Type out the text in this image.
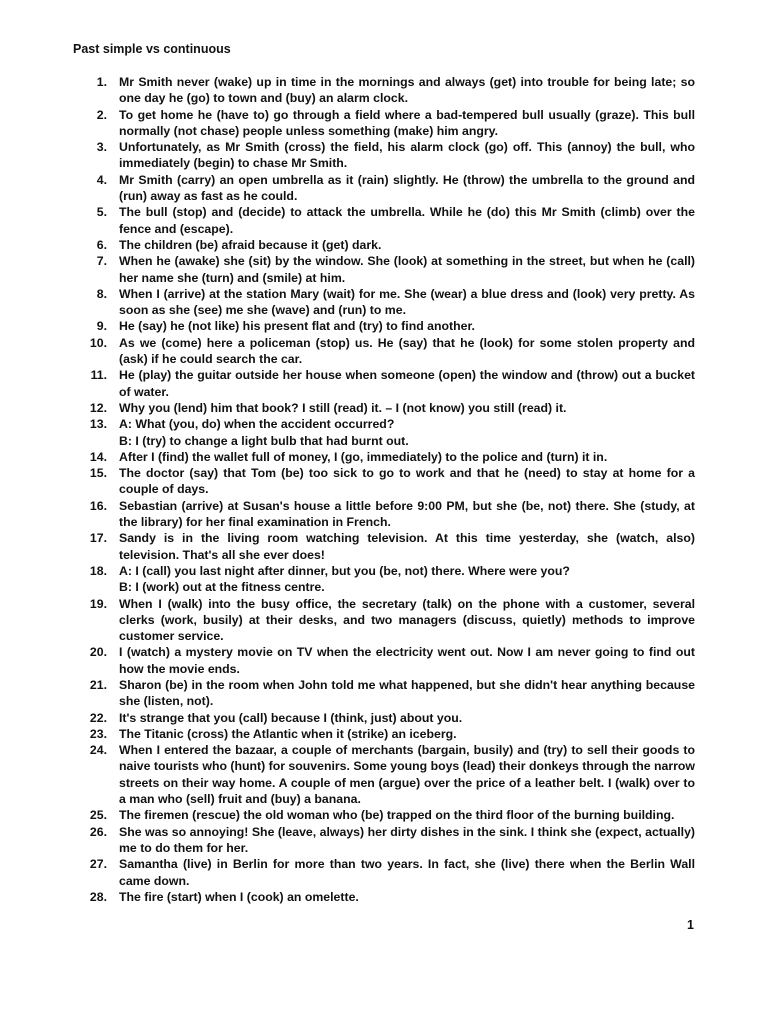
Past simple vs continuous
1. Mr Smith never (wake) up in time in the mornings and always (get) into trouble for being late; so one day he (go) to town and (buy) an alarm clock.
2. To get home he (have to) go through a field where a bad-tempered bull usually (graze). This bull normally (not chase) people unless something (make) him angry.
3. Unfortunately, as Mr Smith (cross) the field, his alarm clock (go) off. This (annoy) the bull, who immediately (begin) to chase Mr Smith.
4. Mr Smith (carry) an open umbrella as it (rain) slightly. He (throw) the umbrella to the ground and (run) away as fast as he could.
5. The bull (stop) and (decide) to attack the umbrella. While he (do) this Mr Smith (climb) over the fence and (escape).
6. The children (be) afraid because it (get) dark.
7. When he (awake) she (sit) by the window. She (look) at something in the street, but when he (call) her name she (turn) and (smile) at him.
8. When I (arrive) at the station Mary (wait) for me. She (wear) a blue dress and (look) very pretty. As soon as she (see) me she (wave) and (run) to me.
9. He (say) he (not like) his present flat and (try) to find another.
10. As we (come) here a policeman (stop) us. He (say) that he (look) for some stolen property and (ask) if he could search the car.
11. He (play) the guitar outside her house when someone (open) the window and (throw) out a bucket of water.
12. Why you (lend) him that book? I still (read) it. – I (not know) you still (read) it.
13. A: What (you, do) when the accident occurred?
B: I (try) to change a light bulb that had burnt out.
14. After I (find) the wallet full of money, I (go, immediately) to the police and (turn) it in.
15. The doctor (say) that Tom (be) too sick to go to work and that he (need) to stay at home for a couple of days.
16. Sebastian (arrive) at Susan's house a little before 9:00 PM, but she (be, not) there. She (study, at the library) for her final examination in French.
17. Sandy is in the living room watching television. At this time yesterday, she (watch, also) television. That's all she ever does!
18. A: I (call) you last night after dinner, but you (be, not) there. Where were you?
B: I (work) out at the fitness centre.
19. When I (walk) into the busy office, the secretary (talk) on the phone with a customer, several clerks (work, busily) at their desks, and two managers (discuss, quietly) methods to improve customer service.
20. I (watch) a mystery movie on TV when the electricity went out. Now I am never going to find out how the movie ends.
21. Sharon (be) in the room when John told me what happened, but she didn't hear anything because she (listen, not).
22. It's strange that you (call) because I (think, just) about you.
23. The Titanic (cross) the Atlantic when it (strike) an iceberg.
24. When I entered the bazaar, a couple of merchants (bargain, busily) and (try) to sell their goods to naive tourists who (hunt) for souvenirs. Some young boys (lead) their donkeys through the narrow streets on their way home. A couple of men (argue) over the price of a leather belt. I (walk) over to a man who (sell) fruit and (buy) a banana.
25. The firemen (rescue) the old woman who (be) trapped on the third floor of the burning building.
26. She was so annoying! She (leave, always) her dirty dishes in the sink. I think she (expect, actually) me to do them for her.
27. Samantha (live) in Berlin for more than two years. In fact, she (live) there when the Berlin Wall came down.
28. The fire (start) when I (cook) an omelette.
1
